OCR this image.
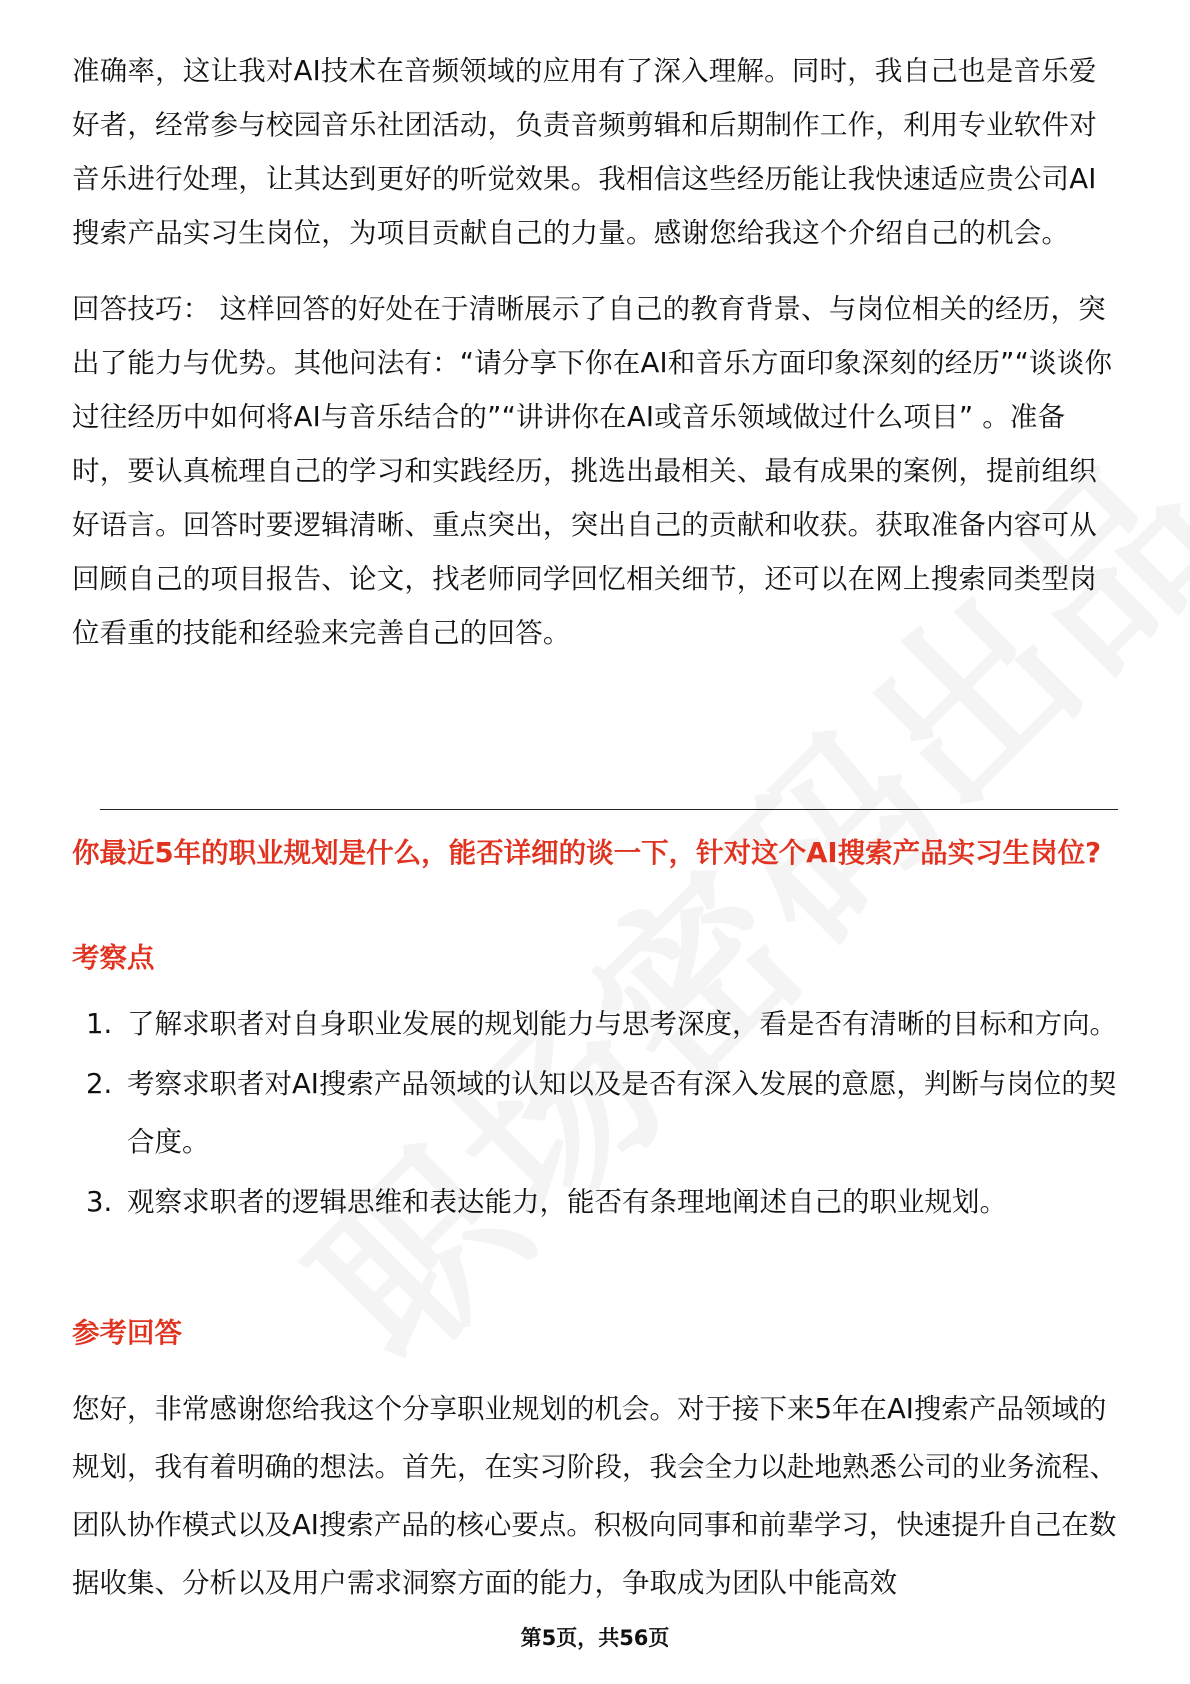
准确率，这让我对AI技术在音频领域的应用有了深入理解。同时，我自己也是音乐爱好者，经常参与校园音乐社团活动，负责音频剪辑和后期制作工作，利用专业软件对音乐进行处理，让其达到更好的听觉效果。我相信这些经历能让我快速适应贵公司AI搜索产品实习生岗位，为项目贡献自己的力量。感谢您给我这个介绍自己的机会。

回答技巧： 这样回答的好处在于清晰展示了自己的教育背景、与岗位相关的经历，突出了能力与优势。其他问法有：“请分享下你在AI和音乐方面印象深刻的经历”“谈谈你过往经历中如何将AI与音乐结合的”“讲讲你在AI或音乐领域做过什么项目” 。准备时，要认真梳理自己的学习和实践经历，挑选出最相关、最有成果的案例，提前组织好语言。回答时要逻辑清晰、重点突出，突出自己的贡献和收获。获取准备内容可从回顾自己的项目报告、论文，找老师同学回忆相关细节，还可以在网上搜索同类型岗位看重的技能和经验来完善自己的回答。

你最近5年的职业规划是什么，能否详细的谈一下，针对这个AI搜索产品实习生岗位?

考察点

1. 了解求职者对自身职业发展的规划能力与思考深度，看是否有清晰的目标和方向。
2. 考察求职者对AI搜索产品领域的认知以及是否有深入发展的意愿，判断与岗位的契合度。
3. 观察求职者的逻辑思维和表达能力，能否有条理地阐述自己的职业规划。

参考回答

您好，非常感谢您给我这个分享职业规划的机会。对于接下来5年在AI搜索产品领域的规划，我有着明确的想法。首先，在实习阶段，我会全力以赴地熟悉公司的业务流程、团队协作模式以及AI搜索产品的核心要点。积极向同事和前辈学习，快速提升自己在数据收集、分析以及用户需求洞察方面的能力，争取成为团队中能高效

第5页，共56页
